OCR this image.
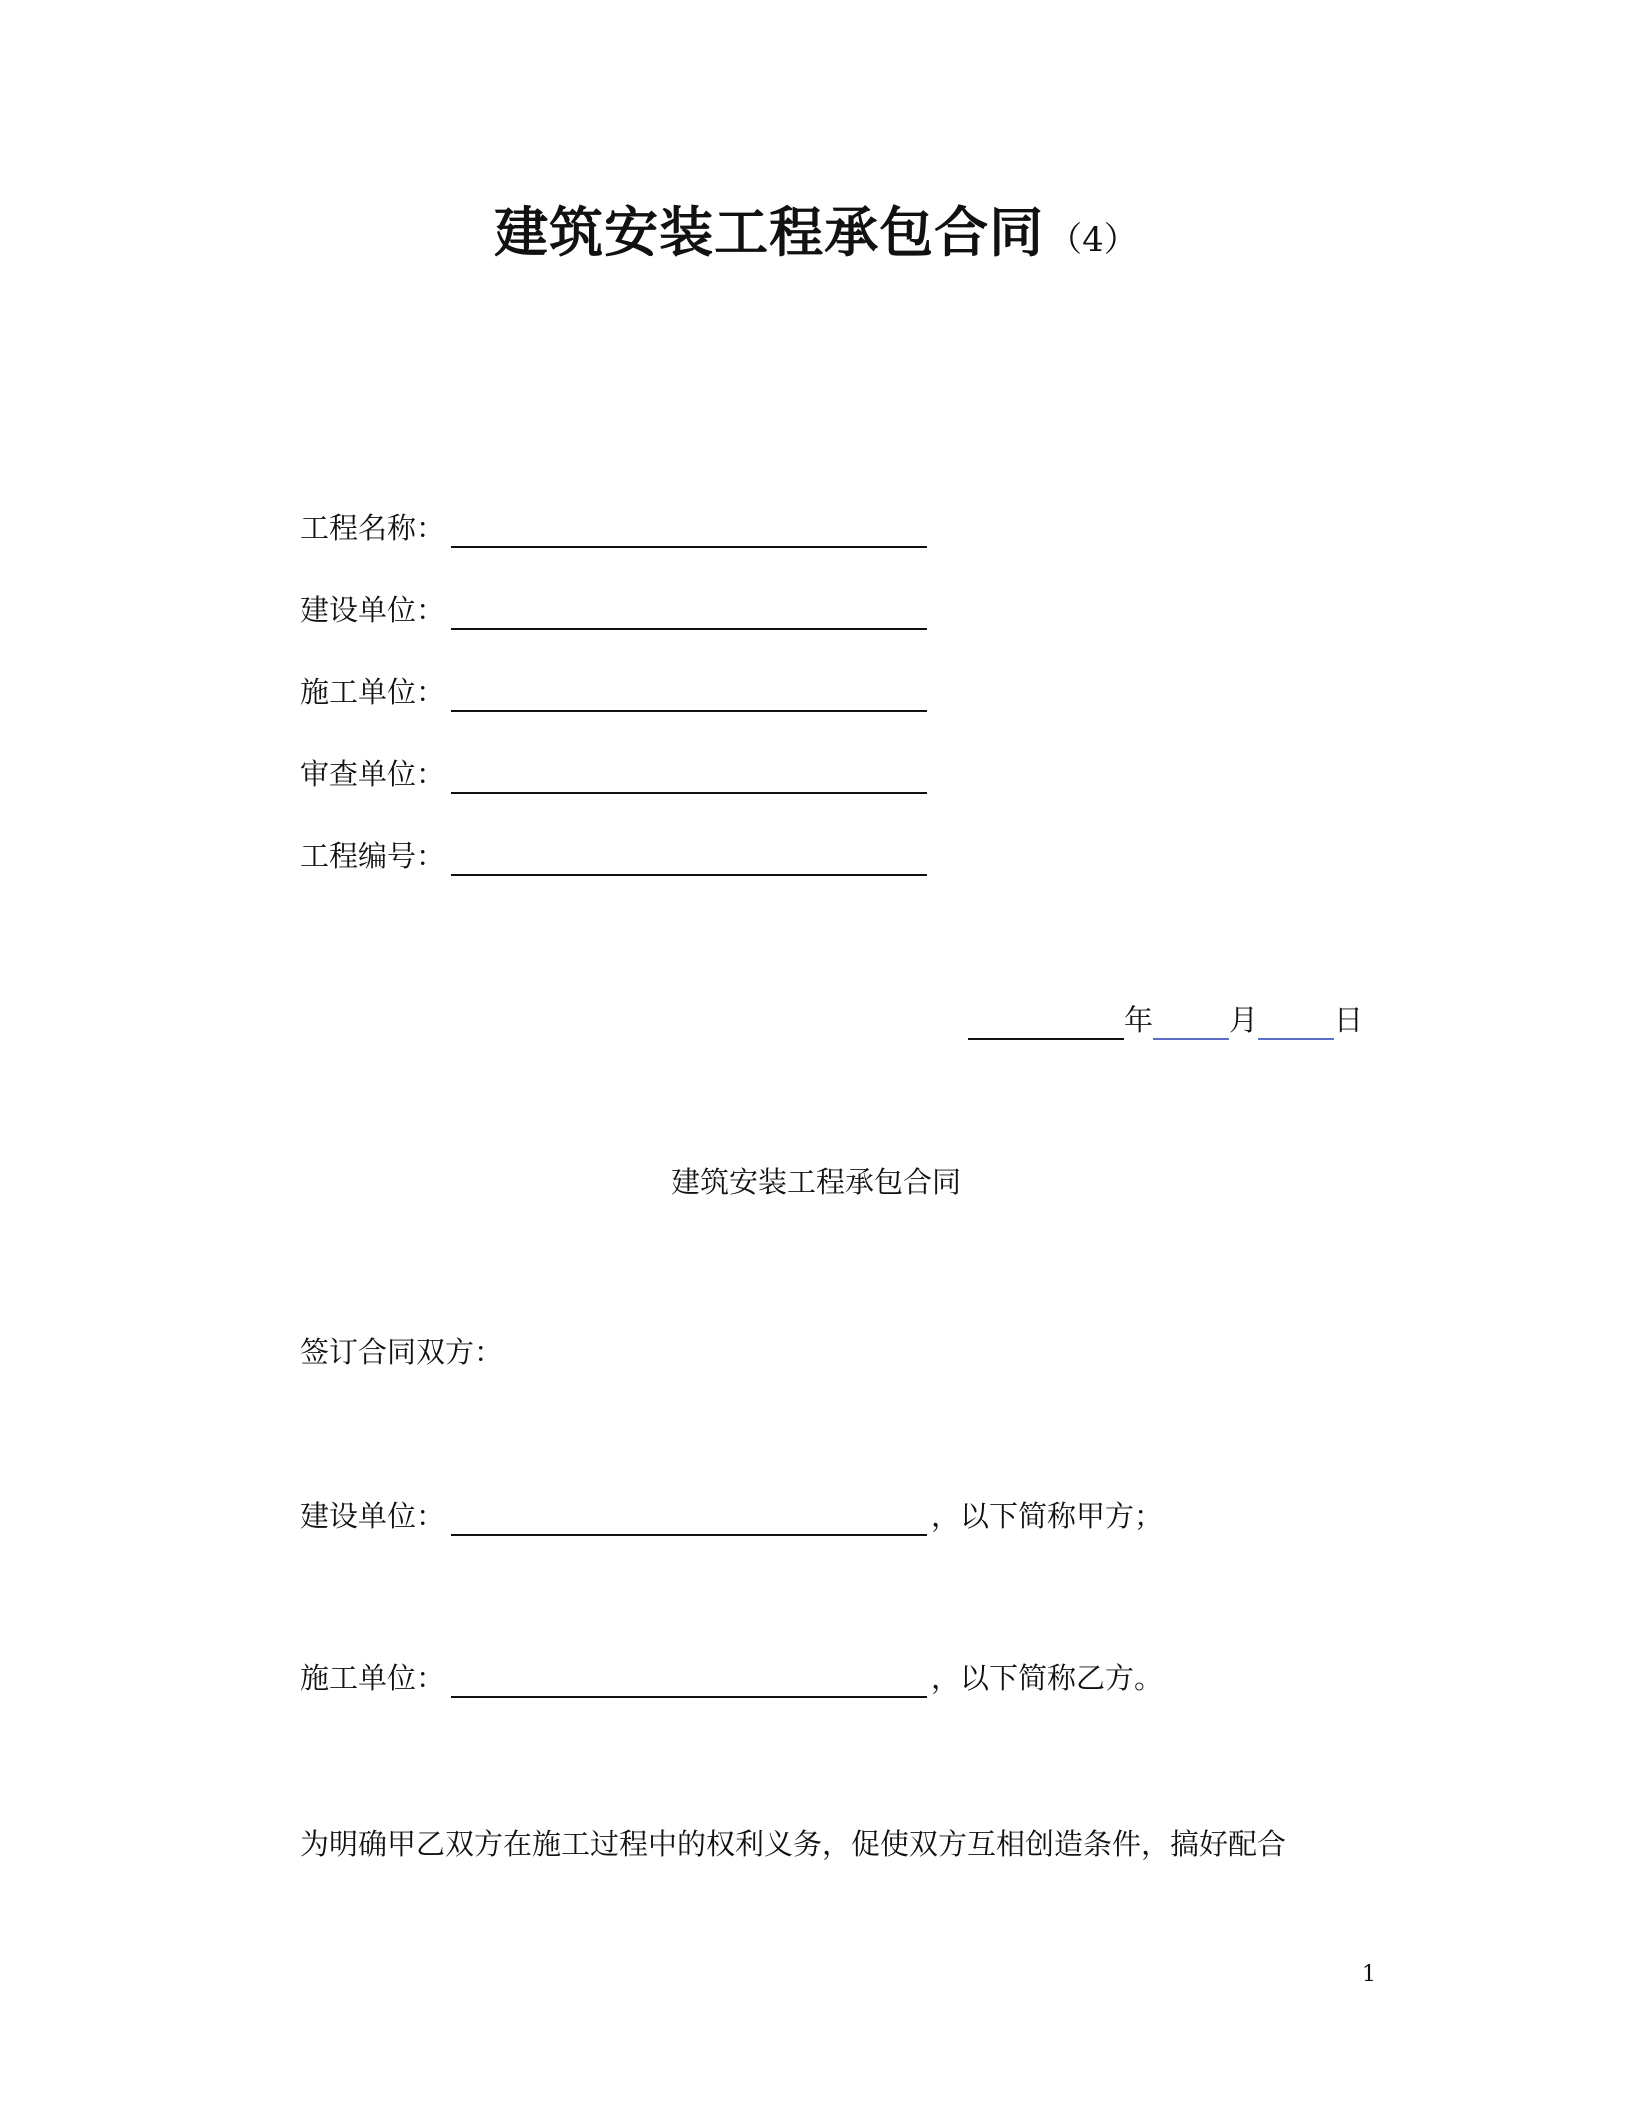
建筑安装工程承包合同 （4）
工程名称：
建设单位：
施工单位：
审查单位：
工程编号：
年	月	日
建筑安装工程承包合同
签订合同双方：
建设单位：	，以下简称甲方；
施工单位：	，以下简称乙方。
为明确甲乙双方在施工过程中的权利义务，促使双方互相创造条件，搞好配合
1
